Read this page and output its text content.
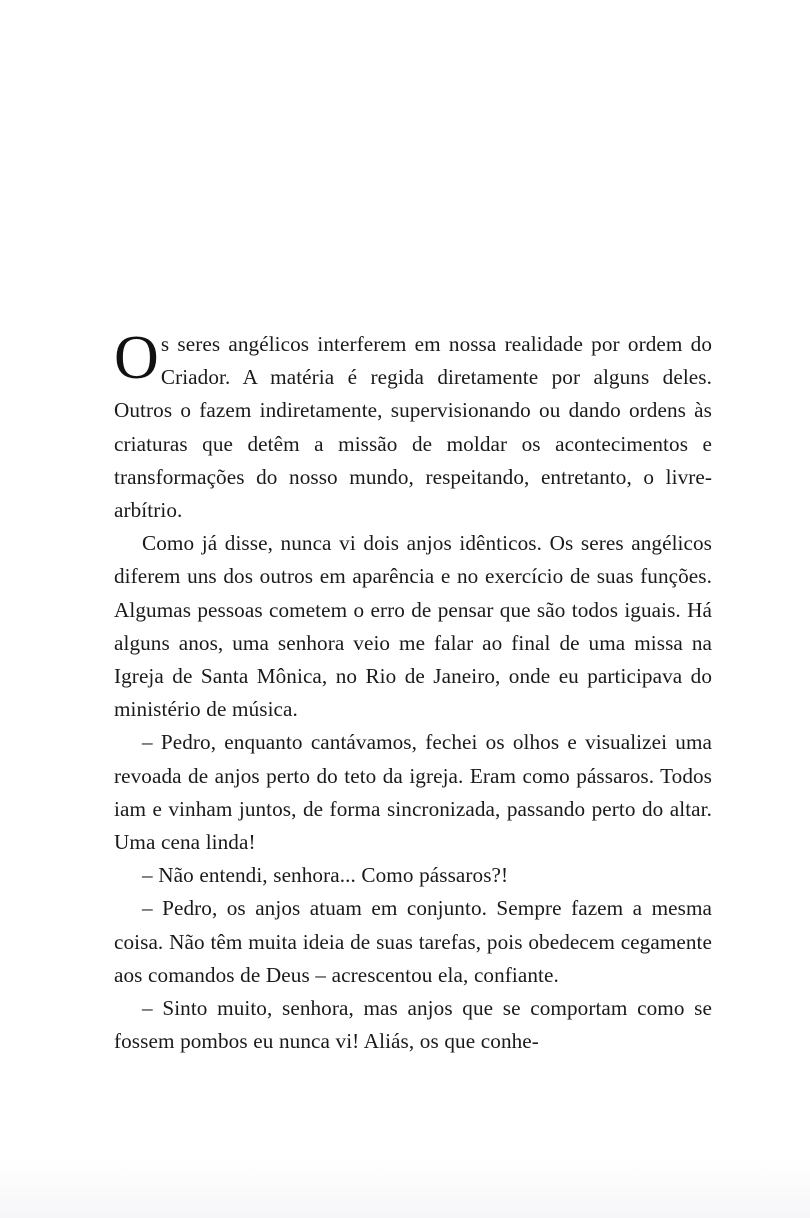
Os seres angélicos interferem em nossa realidade por ordem do Criador. A matéria é regida diretamente por alguns deles. Outros o fazem indiretamente, supervisionando ou dando ordens às criaturas que detêm a missão de moldar os acontecimentos e transformações do nosso mundo, respeitando, entretanto, o livre-arbítrio.

Como já disse, nunca vi dois anjos idênticos. Os seres angélicos diferem uns dos outros em aparência e no exercício de suas funções. Algumas pessoas cometem o erro de pensar que são todos iguais. Há alguns anos, uma senhora veio me falar ao final de uma missa na Igreja de Santa Mônica, no Rio de Janeiro, onde eu participava do ministério de música.

– Pedro, enquanto cantávamos, fechei os olhos e visualizei uma revoada de anjos perto do teto da igreja. Eram como pássaros. Todos iam e vinham juntos, de forma sincronizada, passando perto do altar. Uma cena linda!

– Não entendi, senhora... Como pássaros?!

– Pedro, os anjos atuam em conjunto. Sempre fazem a mesma coisa. Não têm muita ideia de suas tarefas, pois obedecem cegamente aos comandos de Deus – acrescentou ela, confiante.

– Sinto muito, senhora, mas anjos que se comportam como se fossem pombos eu nunca vi! Aliás, os que conhe-
